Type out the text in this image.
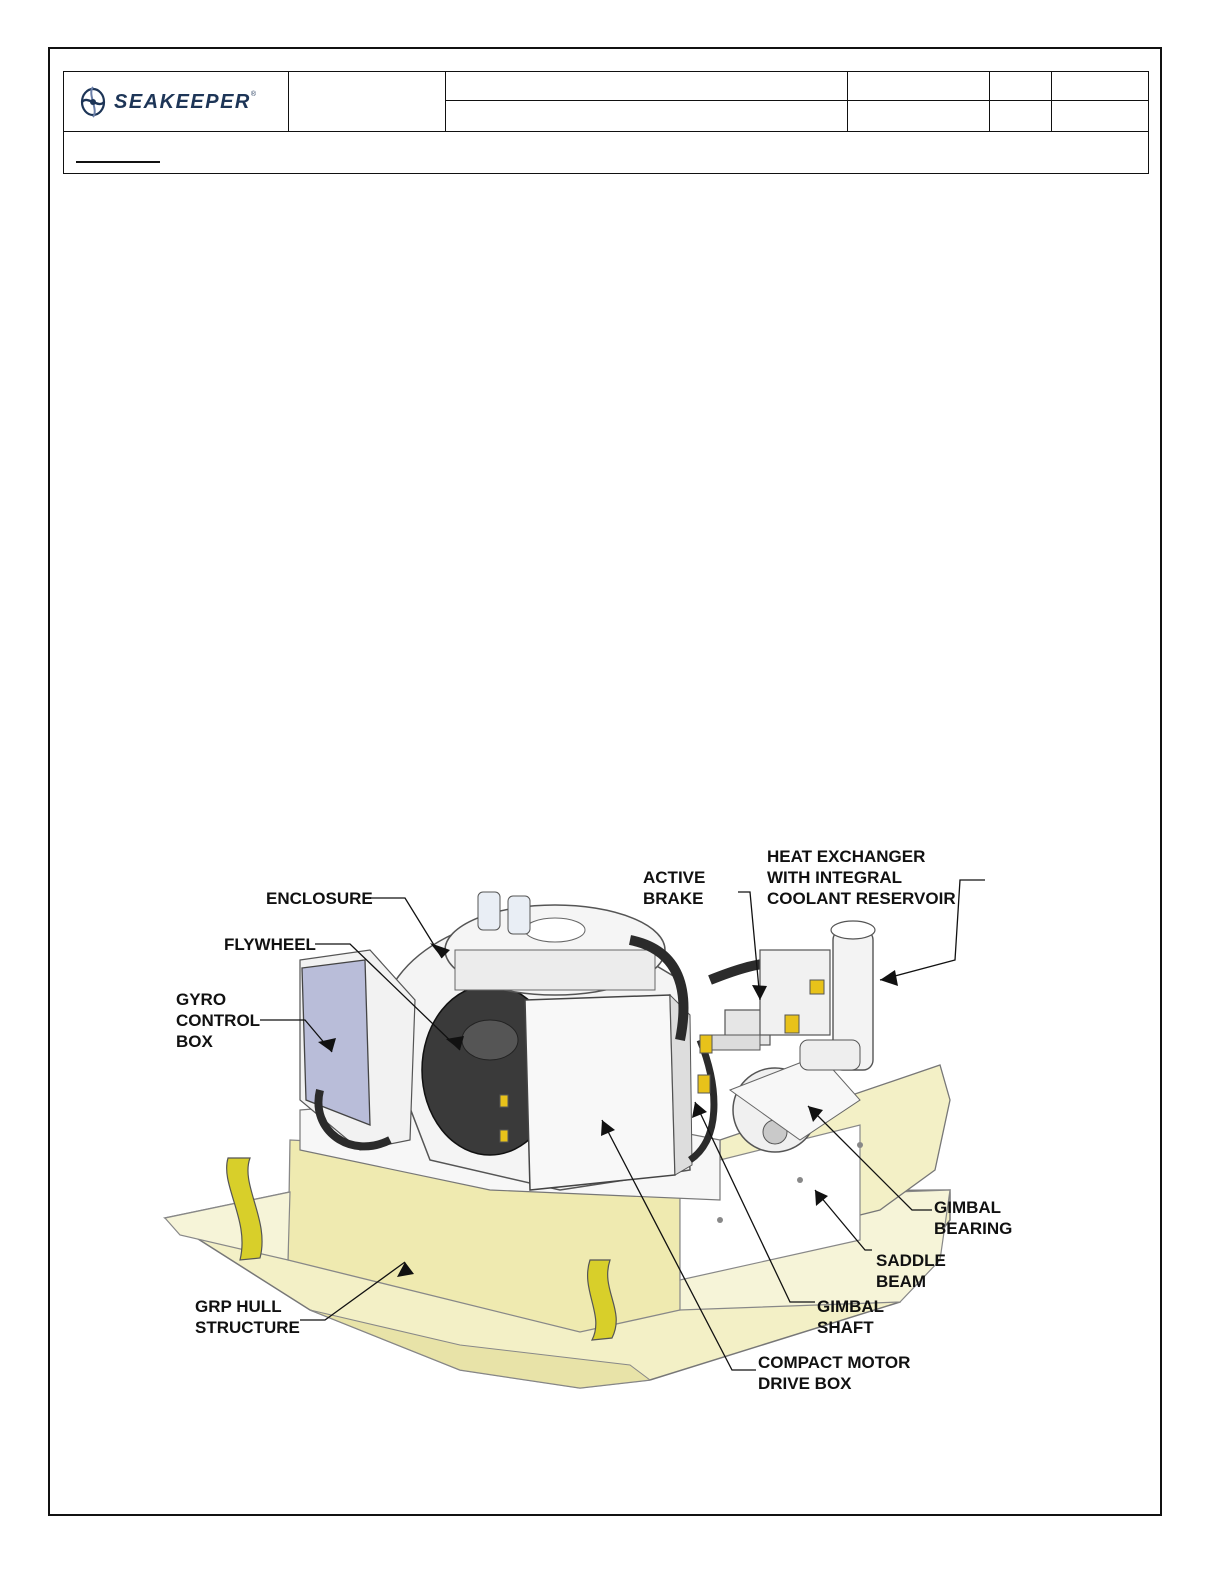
SEAKEEPER®
ENCLOSURE
FLYWHEEL
GYRO
CONTROL
BOX
ACTIVE
BRAKE
HEAT EXCHANGER
WITH INTEGRAL
COOLANT RESERVOIR
GIMBAL
BEARING
SADDLE
BEAM
GIMBAL
SHAFT
COMPACT MOTOR
DRIVE BOX
GRP HULL
STRUCTURE
